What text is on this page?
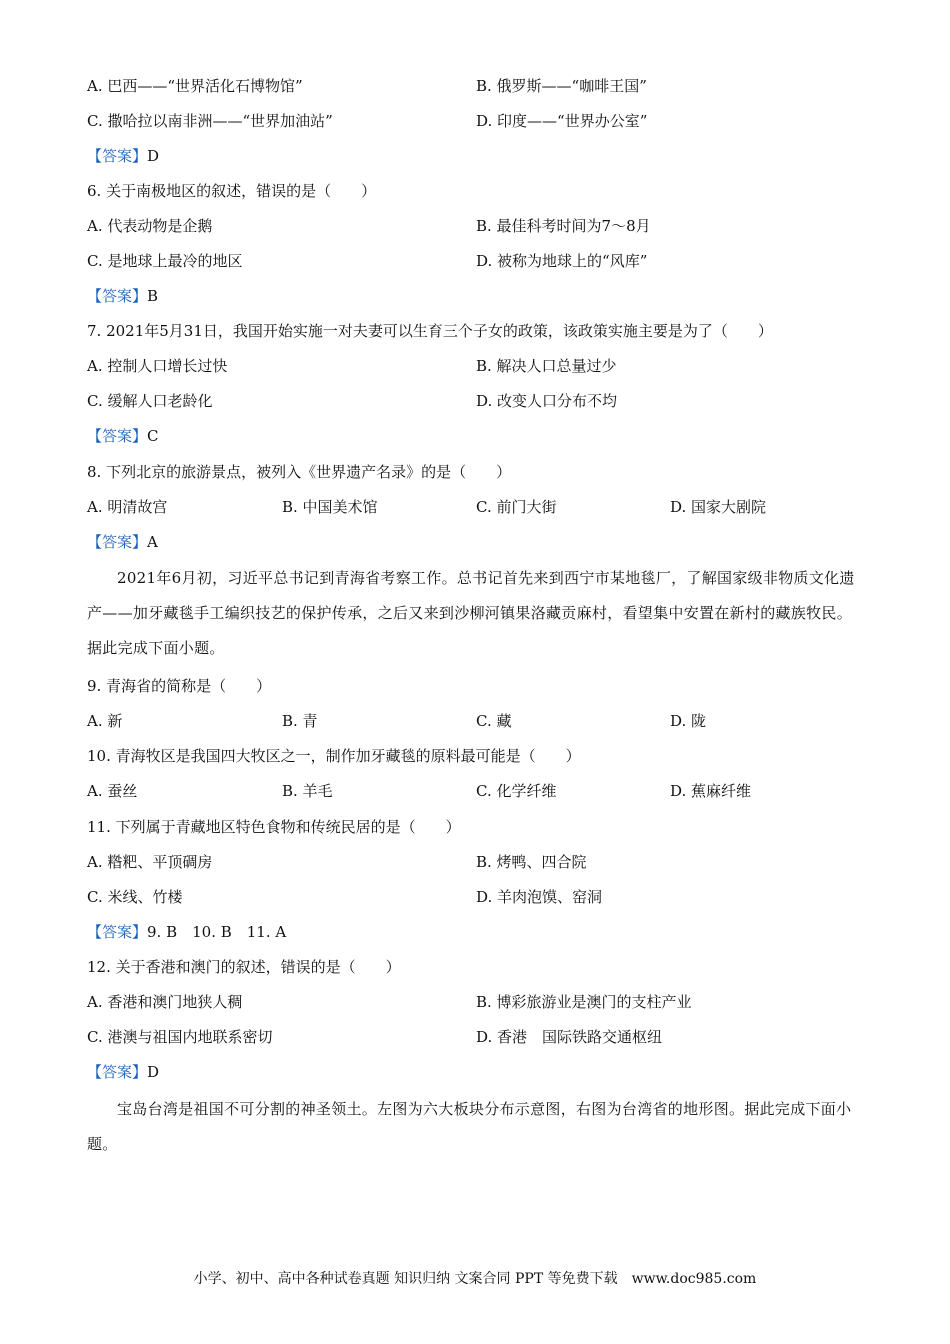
A. 巴西——“世界活化石博物馆”	B. 俄罗斯——“咖啡王国”
C. 撒哈拉以南非洲——“世界加油站”	D. 印度——“世界办公室”
【答案】D
6. 关于南极地区的叙述，错误的是（　　）
A. 代表动物是企鹅	B. 最佳科考时间为7～8月
C. 是地球上最冷的地区	D. 被称为地球上的“风库”
【答案】B
7. 2021年5月31日，我国开始实施一对夫妻可以生育三个子女的政策，该政策实施主要是为了（　　）
A. 控制人口增长过快	B. 解决人口总量过少
C. 缓解人口老龄化	D. 改变人口分布不均
【答案】C
8. 下列北京的旅游景点，被列入《世界遗产名录》的是（　　）
A. 明清故宫	B. 中国美术馆	C. 前门大街	D. 国家大剧院
【答案】A
2021年6月初，习近平总书记到青海省考察工作。总书记首先来到西宁市某地毯厂，了解国家级非物质文化遗产——加牙藏毯手工编织技艺的保护传承，之后又来到沙柳河镇果洛藏贡麻村，看望集中安置在新村的藏族牧民。据此完成下面小题。
9. 青海省的简称是（　　）
A. 新	B. 青	C. 藏	D. 陇
10. 青海牧区是我国四大牧区之一，制作加牙藏毯的原料最可能是（　　）
A. 蚕丝	B. 羊毛	C. 化学纤维	D. 蕉麻纤维
11. 下列属于青藏地区特色食物和传统民居的是（　　）
A. 糌粑、平顶碉房	B. 烤鸭、四合院
C. 米线、竹楼	D. 羊肉泡馍、窑洞
【答案】9. B　10. B　11. A
12. 关于香港和澳门的叙述，错误的是（　　）
A. 香港和澳门地狭人稠	B. 博彩旅游业是澳门的支柱产业
C. 港澳与祖国内地联系密切	D. 香港　国际铁路交通枢纽
【答案】D
宝岛台湾是祖国不可分割的神圣领土。左图为六大板块分布示意图，右图为台湾省的地形图。据此完成下面小题。
小学、初中、高中各种试卷真题 知识归纳 文案合同 PPT 等免费下载　www.doc985.com
